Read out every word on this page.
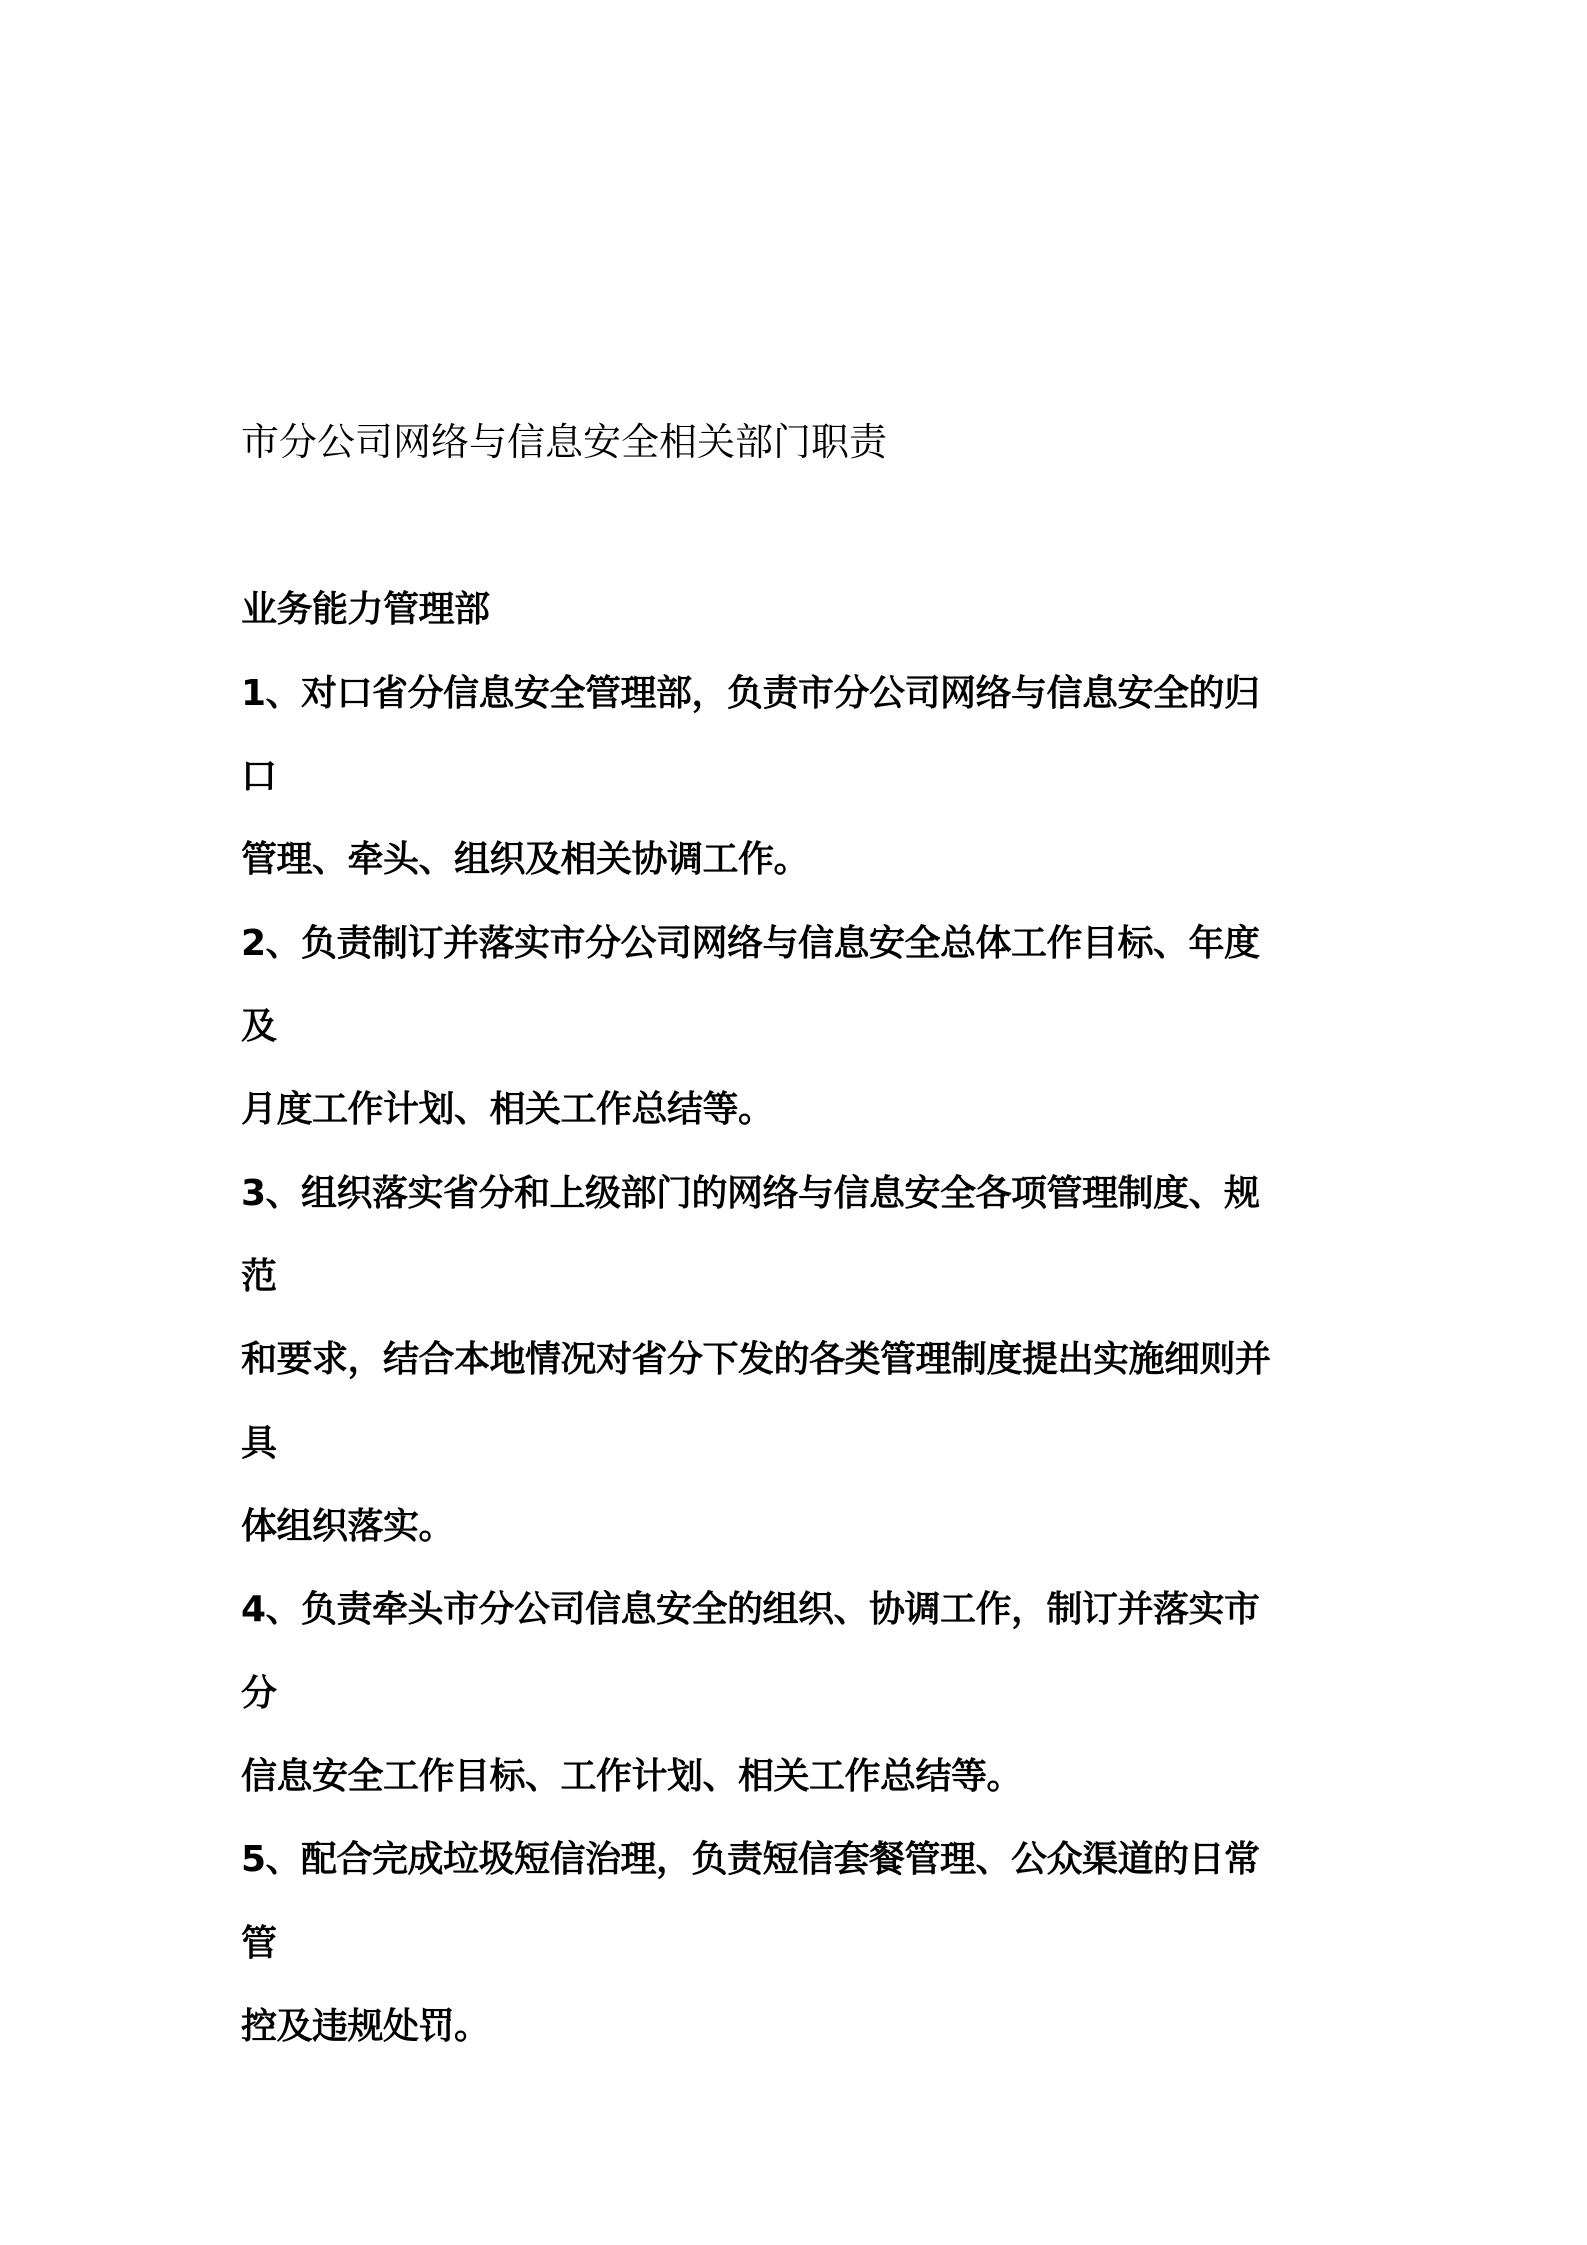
市分公司网络与信息安全相关部门职责
业务能力管理部
1、对口省分信息安全管理部，负责市分公司网络与信息安全的归
口
管理、牵头、组织及相关协调工作。
2、负责制订并落实市分公司网络与信息安全总体工作目标、年度
及
月度工作计划、相关工作总结等。
3、组织落实省分和上级部门的网络与信息安全各项管理制度、规
范
和要求，结合本地情况对省分下发的各类管理制度提出实施细则并
具
体组织落实。
4、负责牵头市分公司信息安全的组织、协调工作，制订并落实市
分
信息安全工作目标、工作计划、相关工作总结等。
5、配合完成垃圾短信治理，负责短信套餐管理、公众渠道的日常
管
控及违规处罚。
